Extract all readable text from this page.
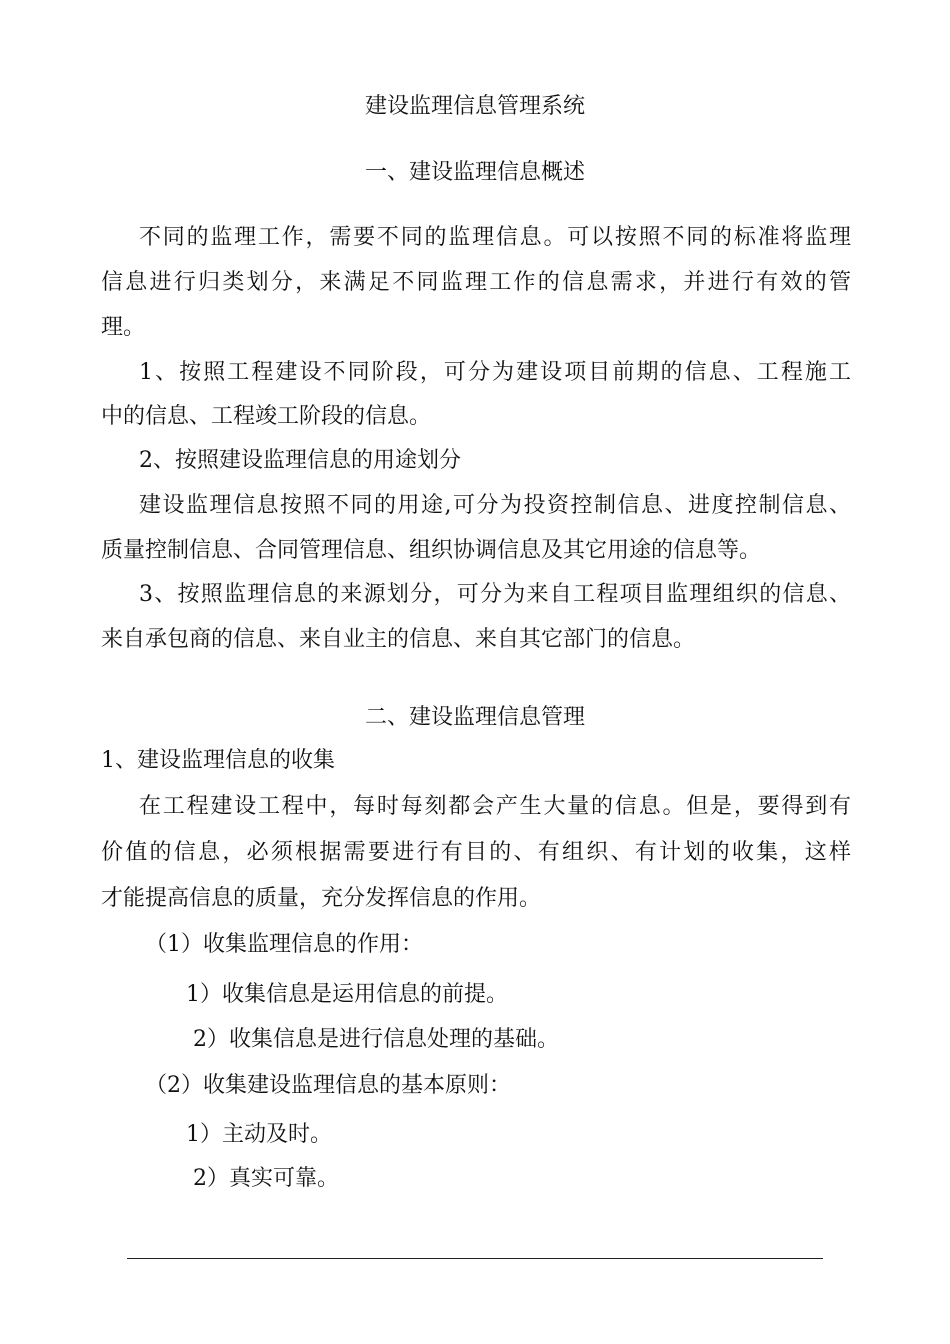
建设监理信息管理系统
一、建设监理信息概述
不同的监理工作，需要不同的监理信息。可以按照不同的标准将监理
信息进行归类划分，来满足不同监理工作的信息需求，并进行有效的管
理。
1、按照工程建设不同阶段，可分为建设项目前期的信息、工程施工
中的信息、工程竣工阶段的信息。
2、按照建设监理信息的用途划分
建设监理信息按照不同的用途,可分为投资控制信息、进度控制信息、
质量控制信息、合同管理信息、组织协调信息及其它用途的信息等。
3、按照监理信息的来源划分，可分为来自工程项目监理组织的信息、
来自承包商的信息、来自业主的信息、来自其它部门的信息。
二、建设监理信息管理
1、建设监理信息的收集
在工程建设工程中，每时每刻都会产生大量的信息。但是，要得到有
价值的信息，必须根据需要进行有目的、有组织、有计划的收集，这样
才能提高信息的质量，充分发挥信息的作用。
（1）收集监理信息的作用：
1）收集信息是运用信息的前提。
2）收集信息是进行信息处理的基础。
（2）收集建设监理信息的基本原则：
1）主动及时。
2）真实可靠。
